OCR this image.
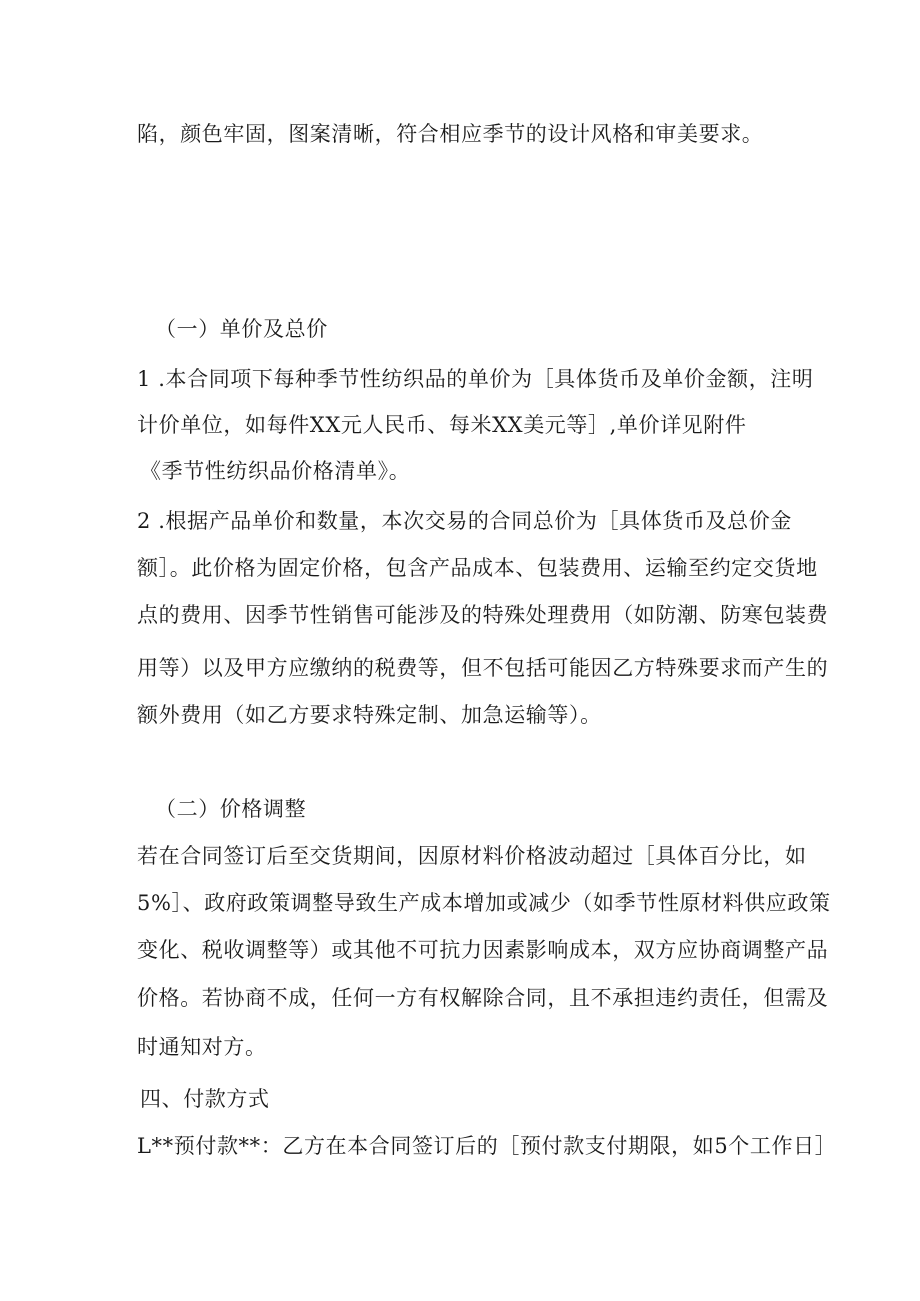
陷，颜色牢固，图案清晰，符合相应季节的设计风格和审美要求。
（一）单价及总价
1 .本合同项下每种季节性纺织品的单价为［具体货币及单价金额，注明
计价单位，如每件XX元人民币、每米XX美元等］,单价详见附件
《季节性纺织品价格清单》。
2 .根据产品单价和数量，本次交易的合同总价为［具体货币及总价金
额］。此价格为固定价格，包含产品成本、包装费用、运输至约定交货地
点的费用、因季节性销售可能涉及的特殊处理费用（如防潮、防寒包装费
用等）以及甲方应缴纳的税费等，但不包括可能因乙方特殊要求而产生的
额外费用（如乙方要求特殊定制、加急运输等）。
（二）价格调整
若在合同签订后至交货期间，因原材料价格波动超过［具体百分比，如
5%］、政府政策调整导致生产成本增加或减少（如季节性原材料供应政策
变化、税收调整等）或其他不可抗力因素影响成本，双方应协商调整产品
价格。若协商不成，任何一方有权解除合同，且不承担违约责任，但需及
时通知对方。
四、付款方式
L**预付款**：乙方在本合同签订后的［预付款支付期限，如5个工作日］
